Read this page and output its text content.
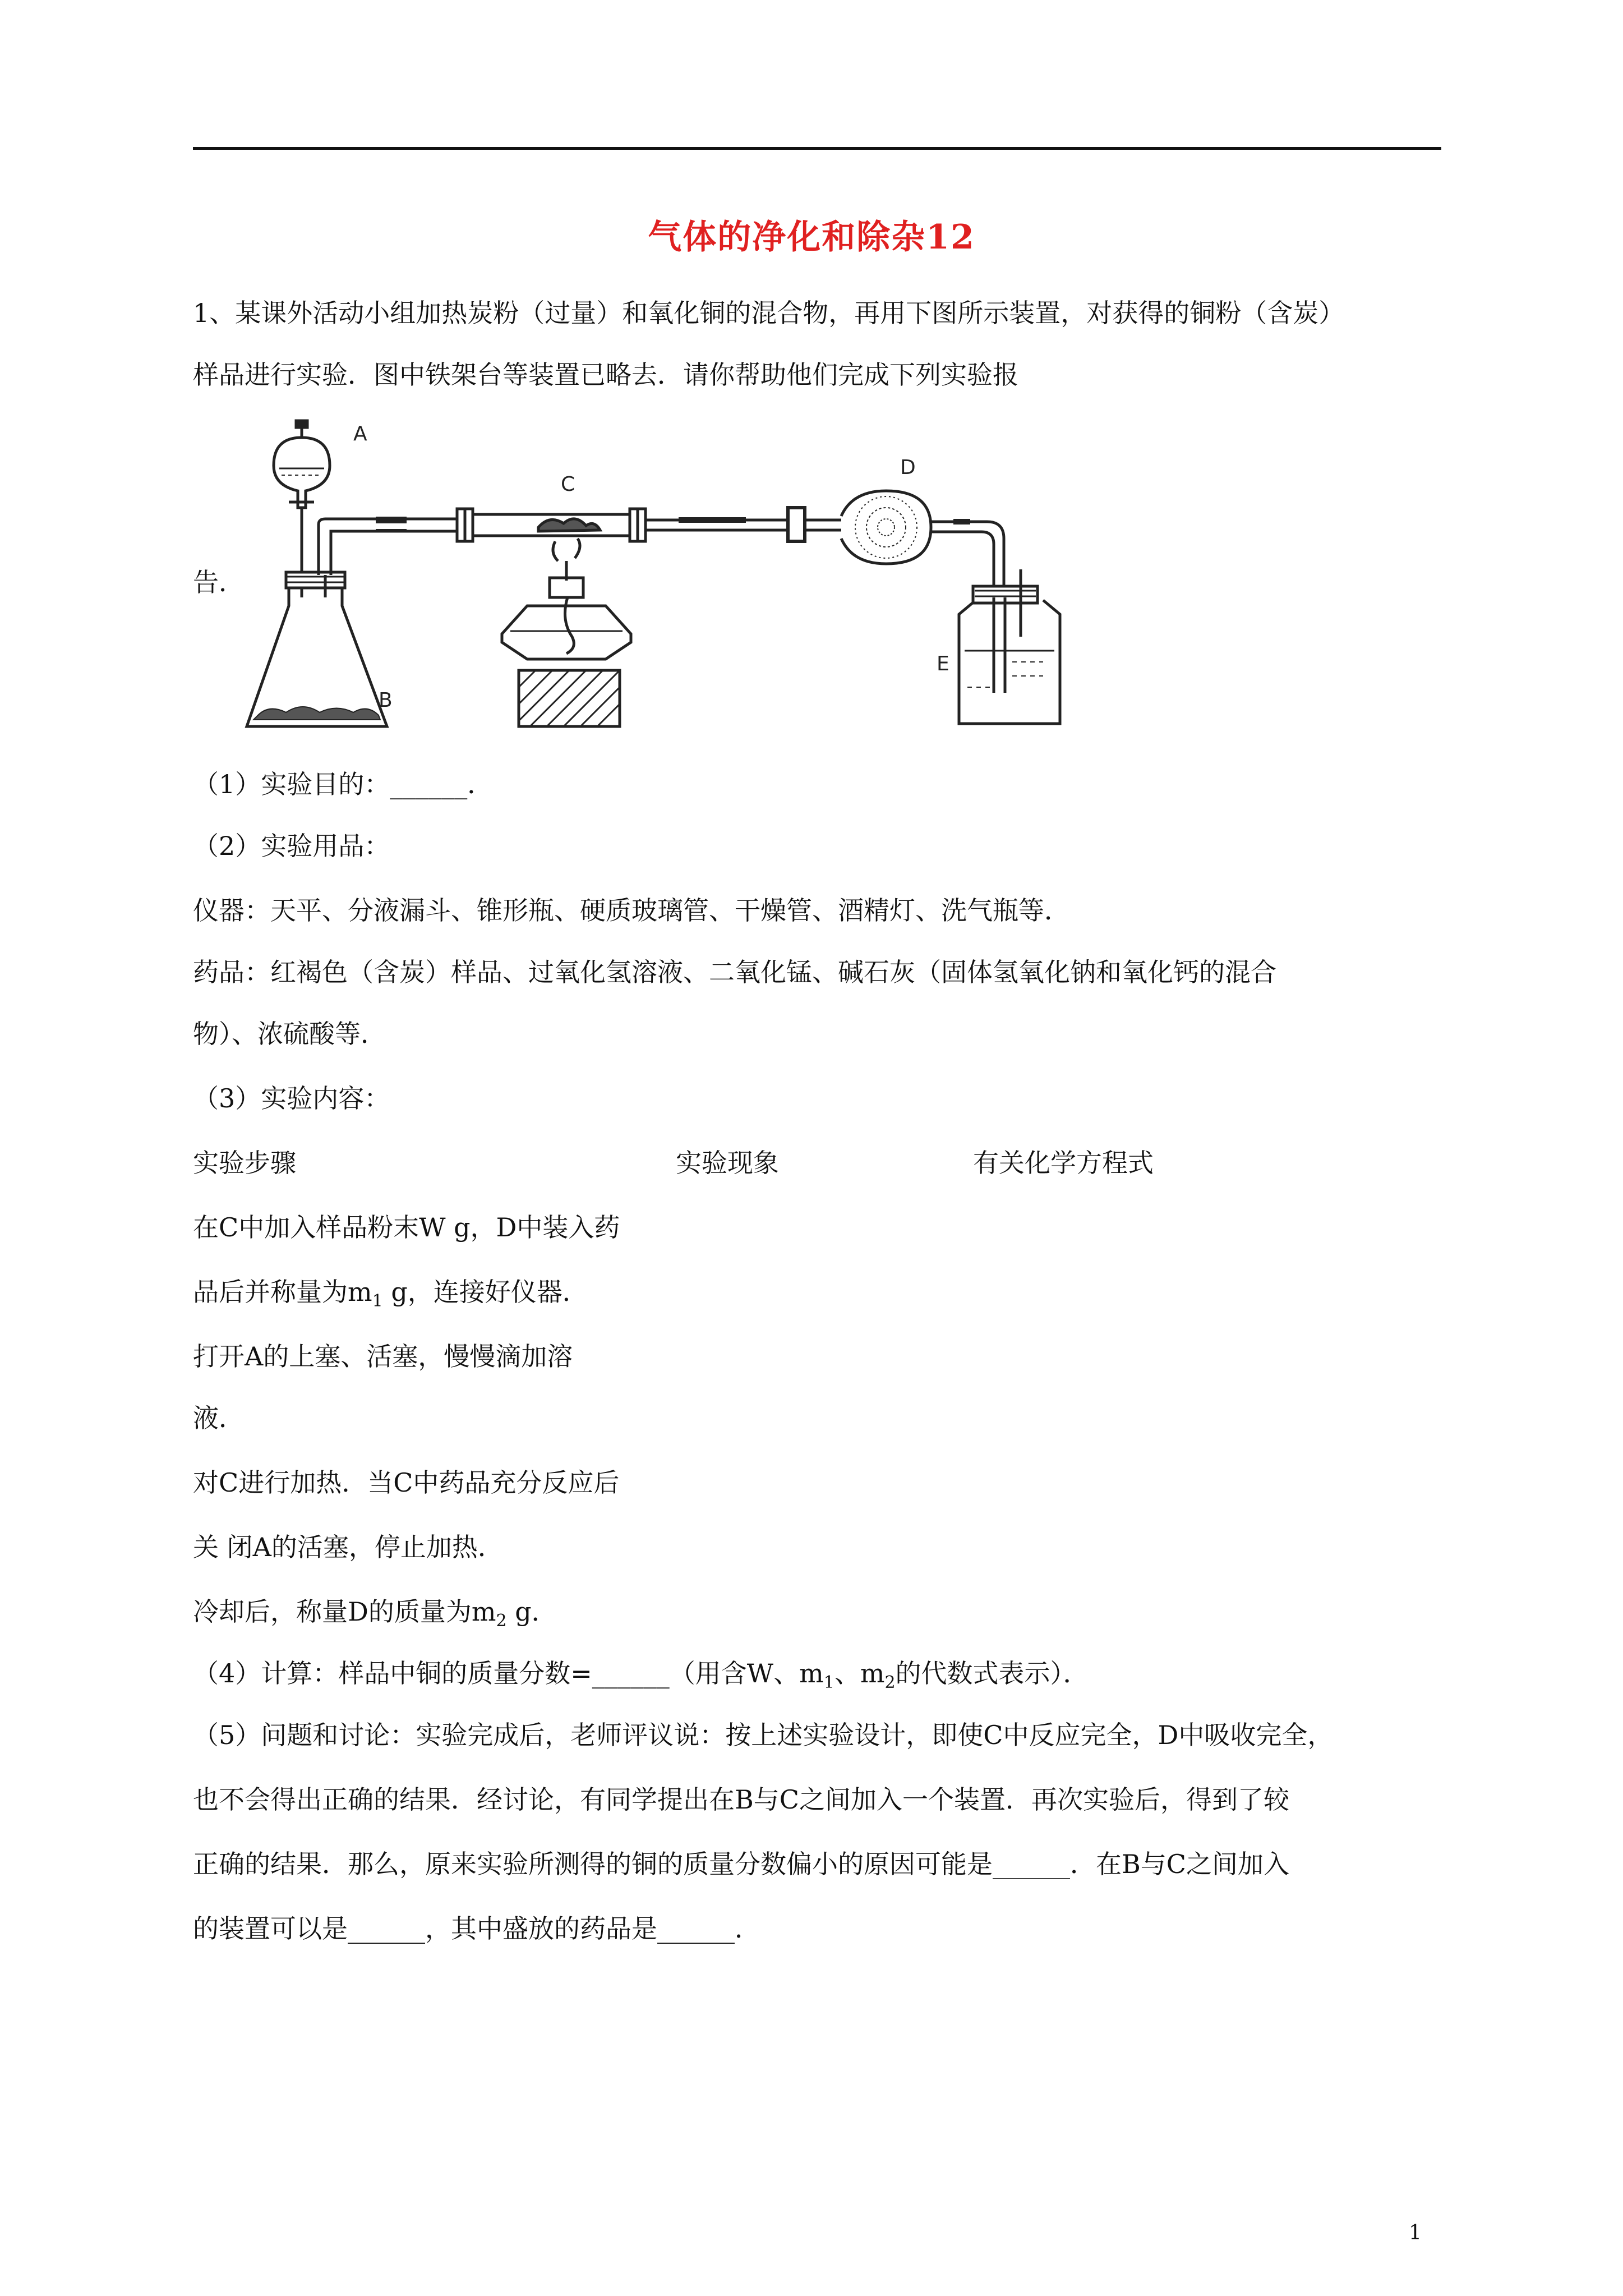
气体的净化和除杂12
1、某课外活动小组加热炭粉（过量）和氧化铜的混合物，再用下图所示装置，对获得的铜粉（含炭）
样品进行实验．图中铁架台等装置已略去．请你帮助他们完成下列实验报
告．
A
B
C
D
E
（1）实验目的：______．
（2）实验用品：
仪器：天平、分液漏斗、锥形瓶、硬质玻璃管、干燥管、酒精灯、洗气瓶等．
药品：红褐色（含炭）样品、过氧化氢溶液、二氧化锰、碱石灰（固体氢氧化钠和氧化钙的混合
物）、浓硫酸等．
（3）实验内容：
实验步骤	实验现象	有关化学方程式
在C中加入样品粉末W g，D中装入药
品后并称量为$m_1$ g，连接好仪器．
打开A的上塞、活塞，慢慢滴加溶
液．
对C进行加热．当C中药品充分反应后
关 闭A的活塞，停止加热．
冷却后，称量D的质量为$m_2$ g．
（4）计算：样品中铜的质量分数=______（用含W、$m_1$、$m_2$的代数式表示）．
（5）问题和讨论：实验完成后，老师评议说：按上述实验设计，即使C中反应完全，D中吸收完全，
也不会得出正确的结果．经讨论，有同学提出在B与C之间加入一个装置．再次实验后，得到了较
正确的结果．那么，原来实验所测得的铜的质量分数偏小的原因可能是______．在B与C之间加入
的装置可以是______，其中盛放的药品是______．
1
